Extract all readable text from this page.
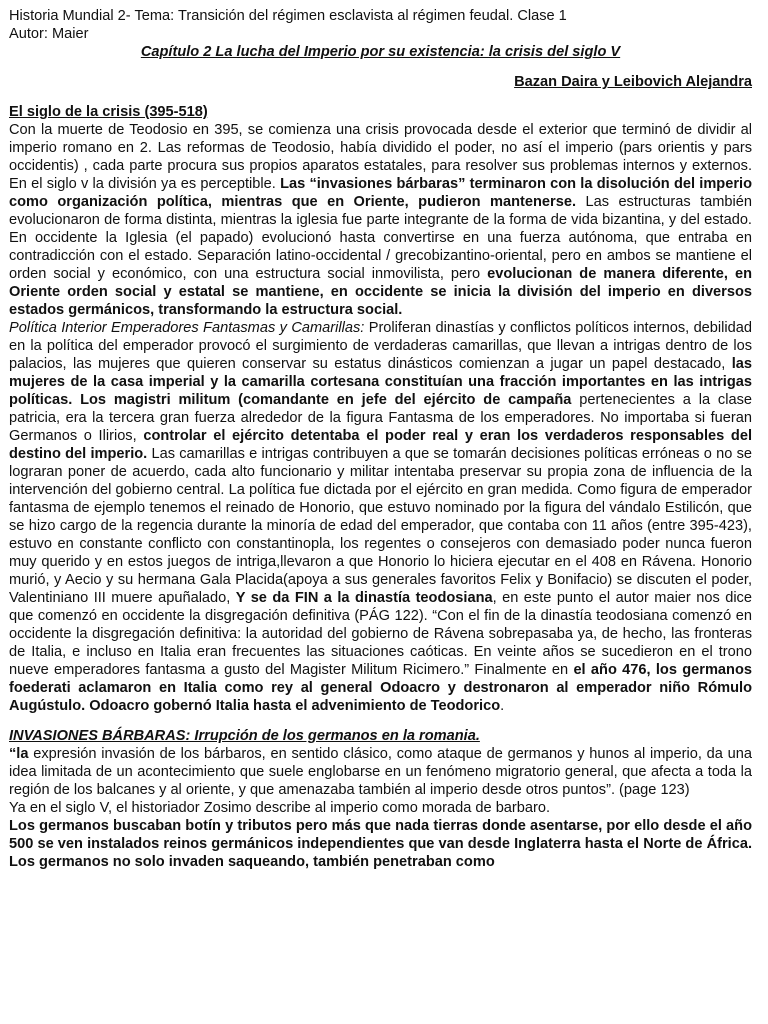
Historia Mundial 2- Tema: Transición del régimen esclavista al régimen feudal. Clase 1
Autor: Maier
Capítulo 2 La lucha del Imperio por su existencia: la crisis del siglo V
Bazan Daira y Leibovich Alejandra
El siglo de la crisis (395-518)

Con la muerte de Teodosio en 395, se comienza una crisis provocada desde el exterior que terminó de dividir al imperio romano en 2. Las reformas de Teodosio, había dividido el poder, no así el imperio (pars orientis y pars occidentis) , cada parte procura sus propios aparatos estatales, para resolver sus problemas internos y externos. En el siglo v la división ya es perceptible. Las “invasiones bárbaras” terminaron con la disolución del imperio como organización política, mientras que en Oriente, pudieron mantenerse. Las estructuras también evolucionaron de forma distinta, mientras la iglesia fue parte integrante de la forma de vida bizantina, y del estado. En occidente la Iglesia (el papado) evolucionó hasta convertirse en una fuerza autónoma, que entraba en contradicción con el estado. Separación latino-occidental / grecobizantino-oriental, pero en ambos se mantiene el orden social y económico, con una estructura social inmovilista, pero evolucionan de manera diferente, en Oriente orden social y estatal se mantiene, en occidente se inicia la división del imperio en diversos estados germánicos, transformando la estructura social.

Política Interior Emperadores Fantasmas y Camarillas: Proliferan dinastías y conflictos políticos internos, debilidad en la política del emperador provocó el surgimiento de verdaderas camarillas, que llevan a intrigas dentro de los palacios, las mujeres que quieren conservar su estatus dinásticos comienzan a jugar un papel destacado, las mujeres de la casa imperial y la camarilla cortesana constituían una fracción importantes en las intrigas políticas. Los magistri militum (comandante en jefe del ejército de campaña pertenecientes a la clase patricia, era la tercera gran fuerza alrededor de la figura Fantasma de los emperadores. No importaba si fueran Germanos o Ilirios, controlar el ejército detentaba el poder real y eran los verdaderos responsables del destino del imperio. Las camarillas e intrigas contribuyen a que se tomarán decisiones políticas erróneas o no se lograran poner de acuerdo, cada alto funcionario y militar intentaba preservar su propia zona de influencia de la intervención del gobierno central. La política fue dictada por el ejército en gran medida. Como figura de emperador fantasma de ejemplo tenemos el reinado de Honorio, que estuvo nominado por la figura del vándalo Estilicón, que se hizo cargo de la regencia durante la minoría de edad del emperador, que contaba con 11 años (entre 395-423), estuvo en constante conflicto con constantinopla, los regentes o consejeros con demasiado poder nunca fueron muy querido y en estos juegos de intriga,llevaron a que Honorio lo hiciera ejecutar en el 408 en Rávena. Honorio murió, y Aecio y su hermana Gala Placida(apoya a sus generales favoritos Felix y Bonifacio) se discuten el poder, Valentiniano III muere apuñalado, Y se da FIN a la dinastía teodosiana, en este punto el autor maier nos dice que comenzó en occidente la disgregación definitiva (PÁG 122). “Con el fin de la dinastía teodosiana comenzó en occidente la disgregación definitiva: la autoridad del gobierno de Rávena sobrepasaba ya, de hecho, las fronteras de Italia, e incluso en Italia eran frecuentes las situaciones caóticas. En veinte años se sucedieron en el trono nueve emperadores fantasma a gusto del Magister Militum Ricimero.” Finalmente en el año 476, los germanos foederati aclamaron en Italia como rey al general Odoacro y destronaron al emperador niño Rómulo Augústulo. Odoacro gobernó Italia hasta el advenimiento de Teodorico.

INVASIONES BÁRBARAS: Irrupción de los germanos en la romania.

“la expresión invasión de los bárbaros, en sentido clásico, como ataque de germanos y hunos al imperio, da una idea limitada de un acontecimiento que suele englobarse en un fenómeno migratorio general, que afecta a toda la región de los balcanes y al oriente, y que amenazaba también al imperio desde otros puntos”. (page 123)

Ya en el siglo V, el historiador Zosimo describe al imperio como morada de barbaro.

Los germanos buscaban botín y tributos pero más que nada tierras donde asentarse, por ello desde el año 500 se ven instalados reinos germánicos independientes que van desde Inglaterra hasta el Norte de África. Los germanos no solo invaden saqueando, también penetraban como
